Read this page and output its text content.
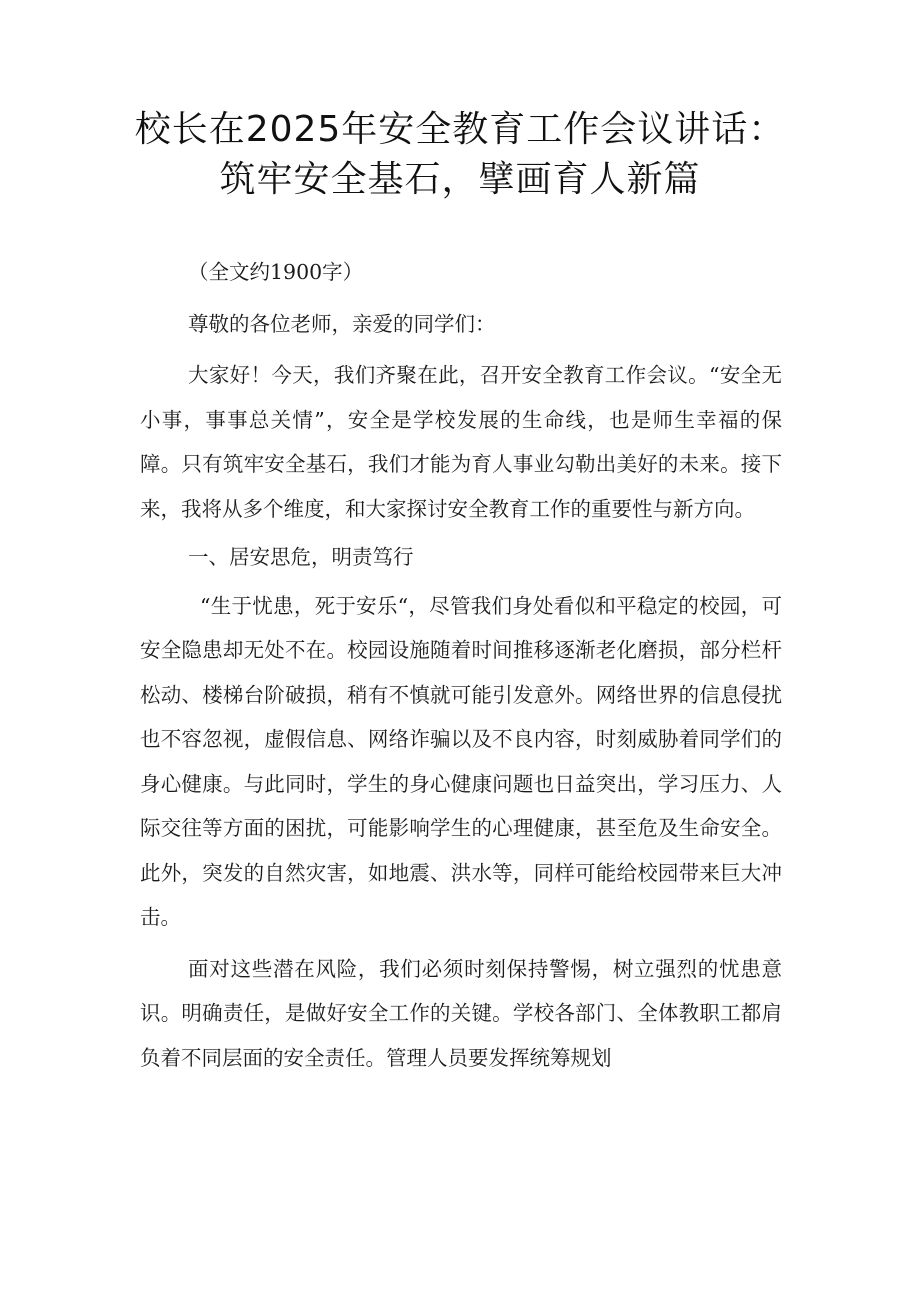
校长在2025年安全教育工作会议讲话：筑牢安全基石，擘画育人新篇

（全文约1900字）

尊敬的各位老师，亲爱的同学们：

大家好！今天，我们齐聚在此，召开安全教育工作会议。“安全无小事，事事总关情”，安全是学校发展的生命线，也是师生幸福的保障。只有筑牢安全基石，我们才能为育人事业勾勒出美好的未来。接下来，我将从多个维度，和大家探讨安全教育工作的重要性与新方向。

一、居安思危，明责笃行

“生于忧患，死于安乐“，尽管我们身处看似和平稳定的校园，可安全隐患却无处不在。校园设施随着时间推移逐渐老化磨损，部分栏杆松动、楼梯台阶破损，稍有不慎就可能引发意外。网络世界的信息侵扰也不容忽视，虚假信息、网络诈骗以及不良内容，时刻威胁着同学们的身心健康。与此同时，学生的身心健康问题也日益突出，学习压力、人际交往等方面的困扰，可能影响学生的心理健康，甚至危及生命安全。此外，突发的自然灾害，如地震、洪水等，同样可能给校园带来巨大冲击。

面对这些潜在风险，我们必须时刻保持警惕，树立强烈的忧患意识。明确责任，是做好安全工作的关键。学校各部门、全体教职工都肩负着不同层面的安全责任。管理人员要发挥统筹规划
